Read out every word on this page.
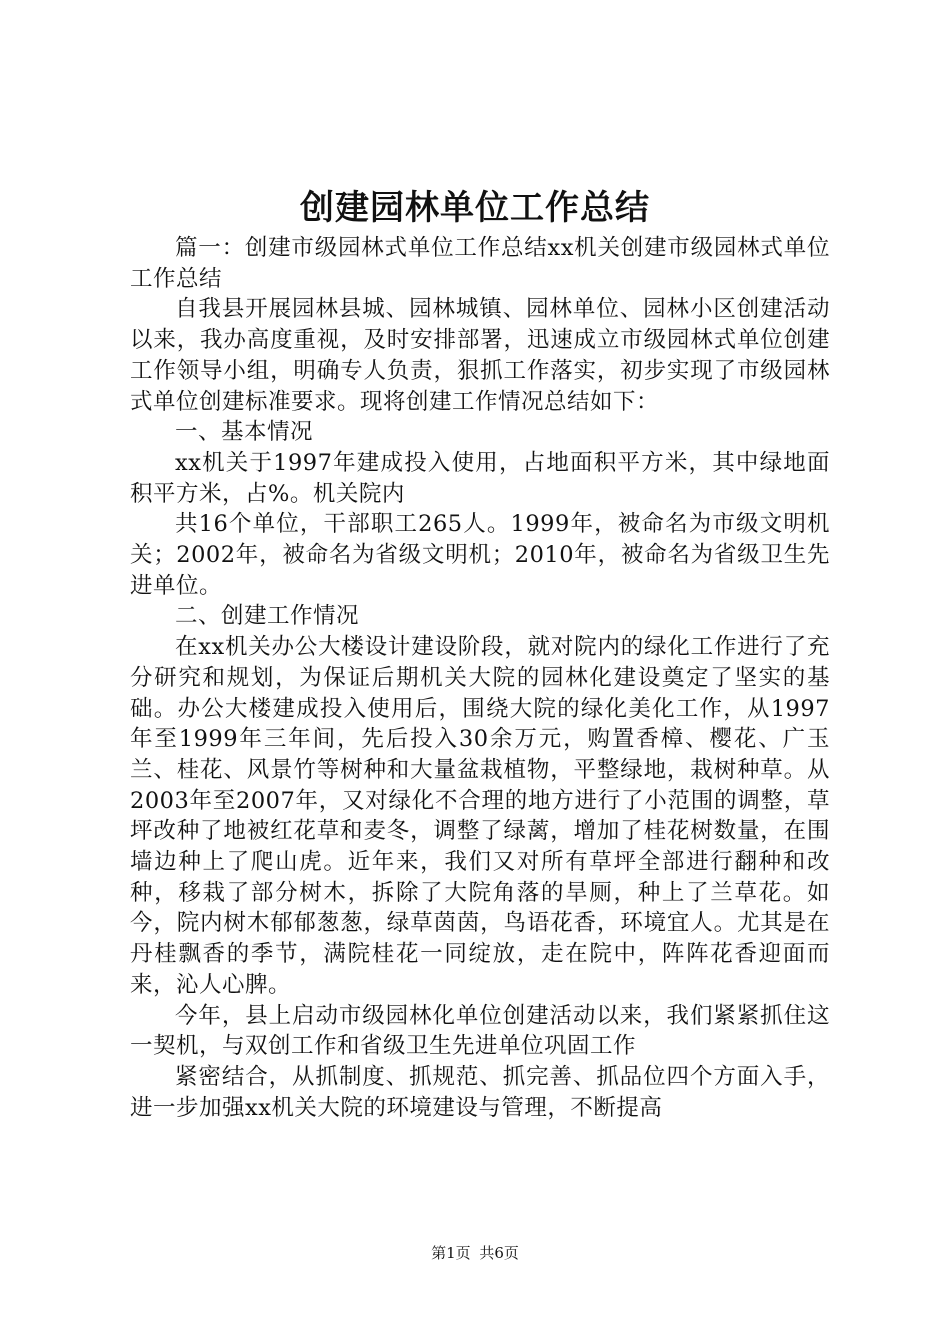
创建园林单位工作总结

篇一：创建市级园林式单位工作总结xx机关创建市级园林式单位工作总结

自我县开展园林县城、园林城镇、园林单位、园林小区创建活动以来，我办高度重视，及时安排部署，迅速成立市级园林式单位创建工作领导小组，明确专人负责，狠抓工作落实，初步实现了市级园林式单位创建标准要求。现将创建工作情况总结如下：

一、基本情况

xx机关于1997年建成投入使用，占地面积平方米，其中绿地面积平方米，占%。机关院内

共16个单位，干部职工265人。1999年，被命名为市级文明机关；2002年，被命名为省级文明机；2010年，被命名为省级卫生先进单位。

二、创建工作情况

在xx机关办公大楼设计建设阶段，就对院内的绿化工作进行了充分研究和规划，为保证后期机关大院的园林化建设奠定了坚实的基础。办公大楼建成投入使用后，围绕大院的绿化美化工作，从1997年至1999年三年间，先后投入30余万元，购置香樟、樱花、广玉兰、桂花、风景竹等树种和大量盆栽植物，平整绿地，栽树种草。从2003年至2007年，又对绿化不合理的地方进行了小范围的调整，草坪改种了地被红花草和麦冬，调整了绿蓠，增加了桂花树数量，在围墙边种上了爬山虎。近年来，我们又对所有草坪全部进行翻种和改种，移栽了部分树木，拆除了大院角落的旱厕，种上了兰草花。如今，院内树木郁郁葱葱，绿草茵茵，鸟语花香，环境宜人。尤其是在丹桂飘香的季节，满院桂花一同绽放，走在院中，阵阵花香迎面而来，沁人心脾。

今年，县上启动市级园林化单位创建活动以来，我们紧紧抓住这一契机，与双创工作和省级卫生先进单位巩固工作

紧密结合，从抓制度、抓规范、抓完善、抓品位四个方面入手，进一步加强xx机关大院的环境建设与管理，不断提高

第1页 共6页
